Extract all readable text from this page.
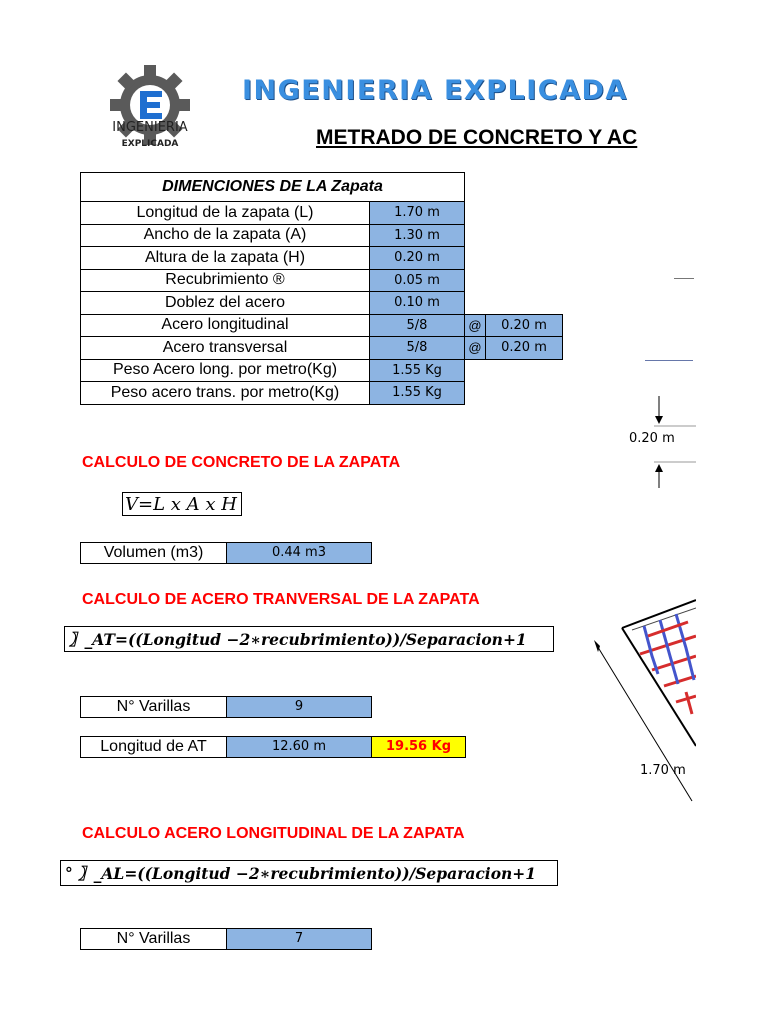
INGENIERIA
EXPLICADA
INGENIERIA EXPLICADA
METRADO DE CONCRETO Y AC
DIMENCIONES DE LA Zapata			
Longitud de la zapata (L)	1.70 m		
Ancho de la zapata (A)	1.30 m		
Altura de la zapata (H)	0.20 m		
Recubrimiento ®	0.05 m		
Doblez del acero	0.10 m		
Acero longitudinal	5/8	@	0.20 m
Acero transversal	5/8	@	0.20 m
Peso Acero long. por metro(Kg)	1.55 Kg		
Peso acero trans. por metro(Kg)	1.55 Kg		
CALCULO DE CONCRETO DE LA ZAPATA
V=L x A x H
Volumen (m3)	0.44 m3
CALCULO DE ACERO TRANVERSAL DE LA ZAPATA
〗_AT=((Longitud −2∗recubrimiento))/Separacion+1
N° Varillas	9
Longitud de AT	12.60 m	19.56 Kg
CALCULO ACERO LONGITUDINAL DE LA ZAPATA
° 〗_AL=((Longitud −2∗recubrimiento))/Separacion+1
N° Varillas	7
0.20 m
1.70 m
